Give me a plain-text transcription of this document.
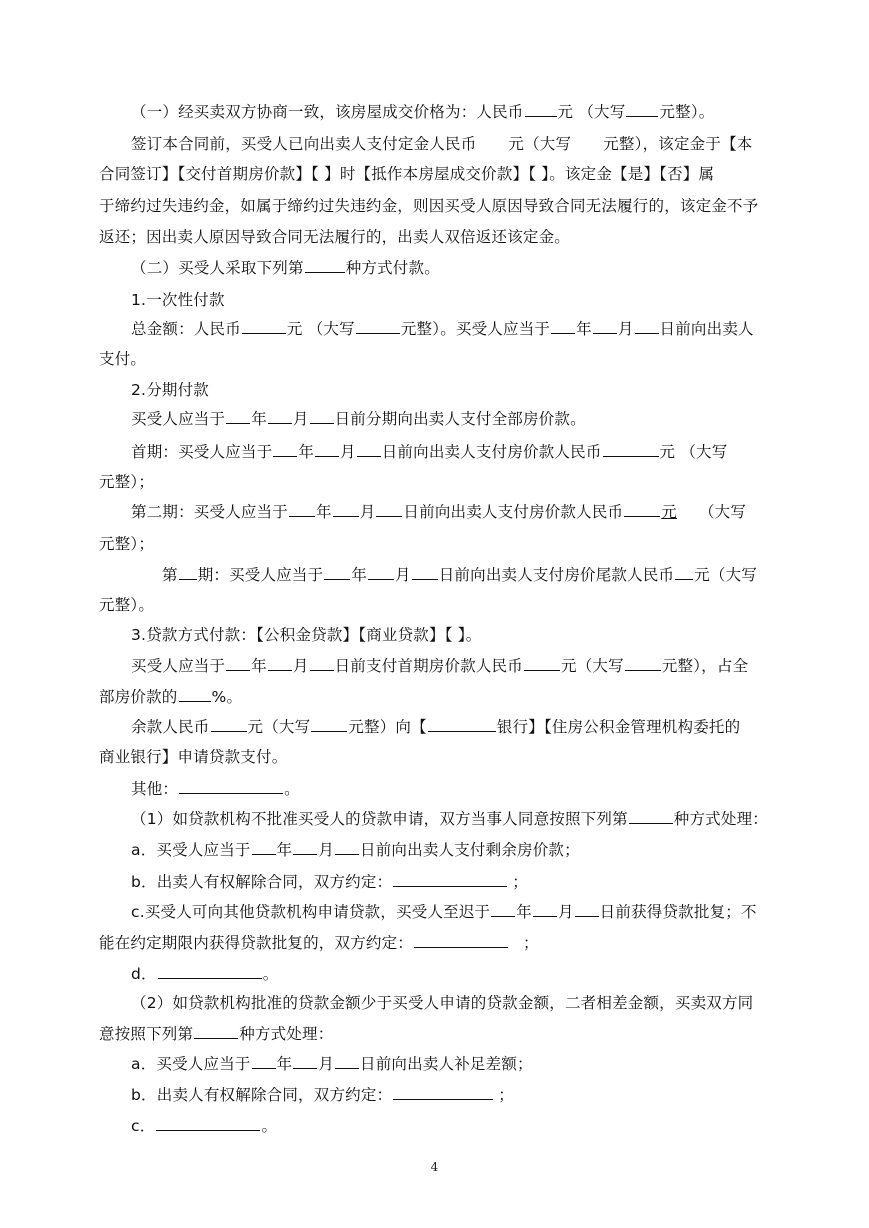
（一）经买卖双方协商一致，该房屋成交价格为：人民币 元 （大写 元整）。
签订本合同前，买受人已向出卖人支付定金人民币 元（大写 元整），该定金于【本
合同签订】【交付首期房价款】【 】时【抵作本房屋成交价款】【 】。该定金【是】【否】属
于缔约过失违约金，如属于缔约过失违约金，则因买受人原因导致合同无法履行的，该定金不予
返还；因出卖人原因导致合同无法履行的，出卖人双倍返还该定金。
（二）买受人采取下列第	种方式付款。
1.一次性付款
总金额：人民币	元 （大写	元整）。买受人应当于 年 月 日前向出卖人
支付。
2.分期付款
买受人应当于 年 月 日前分期向出卖人支付全部房价款。
首期：买受人应当于 年 月 日前向出卖人支付房价款人民币	元 （大写
元整）；
第二期：买受人应当于 年 月 日前向出卖人支付房价款人民币 元 （大写
元整）；
第 期：买受人应当于 年 月 日前向出卖人支付房价尾款人民币 元（大写
元整）。
3.贷款方式付款：【公积金贷款】【商业贷款】【 】。
买受人应当于 年 月 日前支付首期房价款人民币 元（大写 元整），占全
部房价款的 %。
余款人民币 元（大写 元整）向【	银行】【住房公积金管理机构委托的
商业银行】申请贷款支付。
其他：	。
（1）如贷款机构不批准买受人的贷款申请，双方当事人同意按照下列第	种方式处理：
a．买受人应当于 年 月 日前向出卖人支付剩余房价款；
b．出卖人有权解除合同，双方约定：	；
c.买受人可向其他贷款机构申请贷款，买受人至迟于 年 月 日前获得贷款批复；不
能在约定期限内获得贷款批复的，双方约定：	；
d．	。
（2）如贷款机构批准的贷款金额少于买受人申请的贷款金额，二者相差金额，买卖双方同
意按照下列第	种方式处理：
a．买受人应当于 年 月 日前向出卖人补足差额；
b．出卖人有权解除合同，双方约定：	；
c．	。
4
